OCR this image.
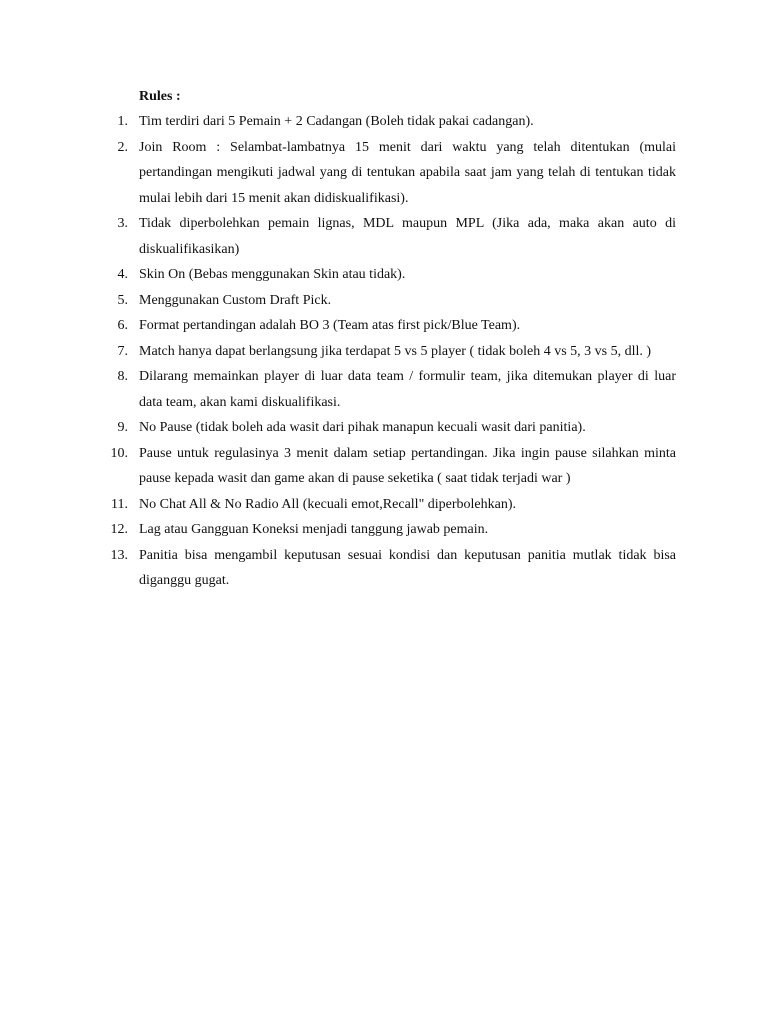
Rules :

1. Tim terdiri dari 5 Pemain + 2 Cadangan (Boleh tidak pakai cadangan).
2. Join Room : Selambat-lambatnya 15 menit dari waktu yang telah ditentukan (mulai pertandingan mengikuti jadwal yang di tentukan apabila saat jam yang telah di tentukan tidak mulai lebih dari 15 menit akan didiskualifikasi).
3. Tidak diperbolehkan pemain lignas, MDL maupun MPL (Jika ada, maka akan auto di diskualifikasikan)
4. Skin On (Bebas menggunakan Skin atau tidak).
5. Menggunakan Custom Draft Pick.
6. Format pertandingan adalah BO 3 (Team atas first pick/Blue Team).
7. Match hanya dapat berlangsung jika terdapat 5 vs 5 player ( tidak boleh 4 vs 5, 3 vs 5, dll. )
8. Dilarang memainkan player di luar data team / formulir team, jika ditemukan player di luar data team, akan kami diskualifikasi.
9. No Pause (tidak boleh ada wasit dari pihak manapun kecuali wasit dari panitia).
10. Pause untuk regulasinya 3 menit dalam setiap pertandingan. Jika ingin pause silahkan minta pause kepada wasit dan game akan di pause seketika ( saat tidak terjadi war )
11. No Chat All & No Radio All (kecuali emot,Recall" diperbolehkan).
12. Lag atau Gangguan Koneksi menjadi tanggung jawab pemain.
13. Panitia bisa mengambil keputusan sesuai kondisi dan keputusan panitia mutlak tidak bisa diganggu gugat.
